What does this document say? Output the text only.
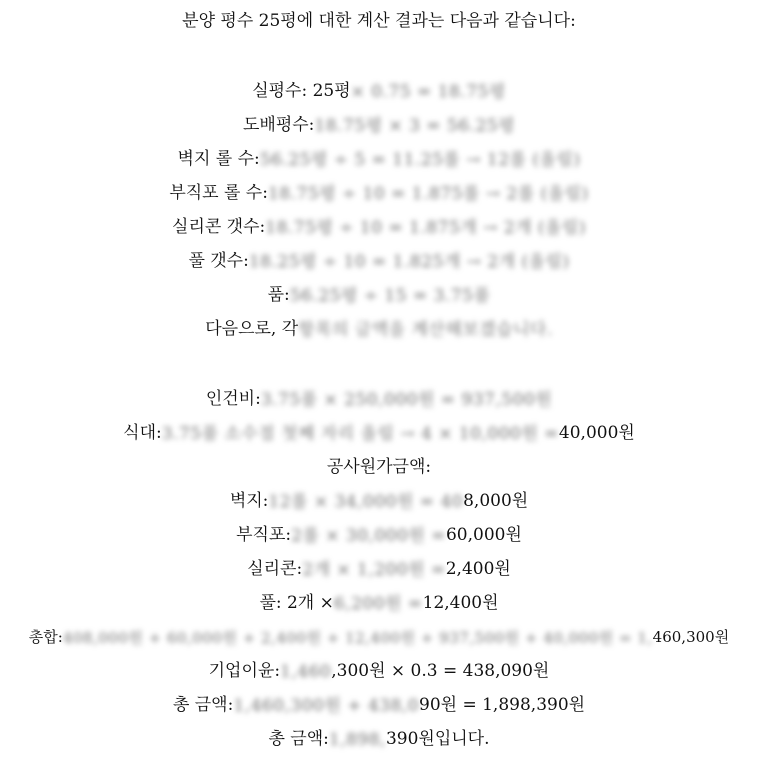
분양 평수 25평에 대한 계산 결과는 다음과 같습니다:
실평수: 25평× 0.75 = 18.75평
도배평수:18.75평 × 3 = 56.25평
벽지 롤 수:56.25평 ÷ 5 = 11.25롤 → 12롤 (올림)
부직포 롤 수:18.75평 ÷ 10 = 1.875롤 → 2롤 (올림)
실리콘 갯수:18.75평 ÷ 10 = 1.875개 → 2개 (올림)
풀 갯수:18.25평 ÷ 10 = 1.825개 → 2개 (올림)
품:56.25평 ÷ 15 = 3.75품
다음으로, 각항목의 금액을 계산해보겠습니다.
인건비:3.75품 × 250,000원 = 937,500원
식대:3.75품 소수점 첫째 자리 올림 → 4 × 10,000원 =40,000원
공사원가금액:
벽지:12롤 × 34,000원 = 408,000원
부직포:2롤 × 30,000원 =60,000원
실리콘:2개 × 1,200원 =2,400원
풀: 2개 ×6,200원 =12,400원
총합:408,000원 + 60,000원 + 2,400원 + 12,400원 + 937,500원 + 40,000원 = 1,460,300원
기업이윤:1,460,300원 × 0.3 = 438,090원
총 금액:1,460,300원 + 438,090원 = 1,898,390원
총 금액:1,898,390원입니다.
